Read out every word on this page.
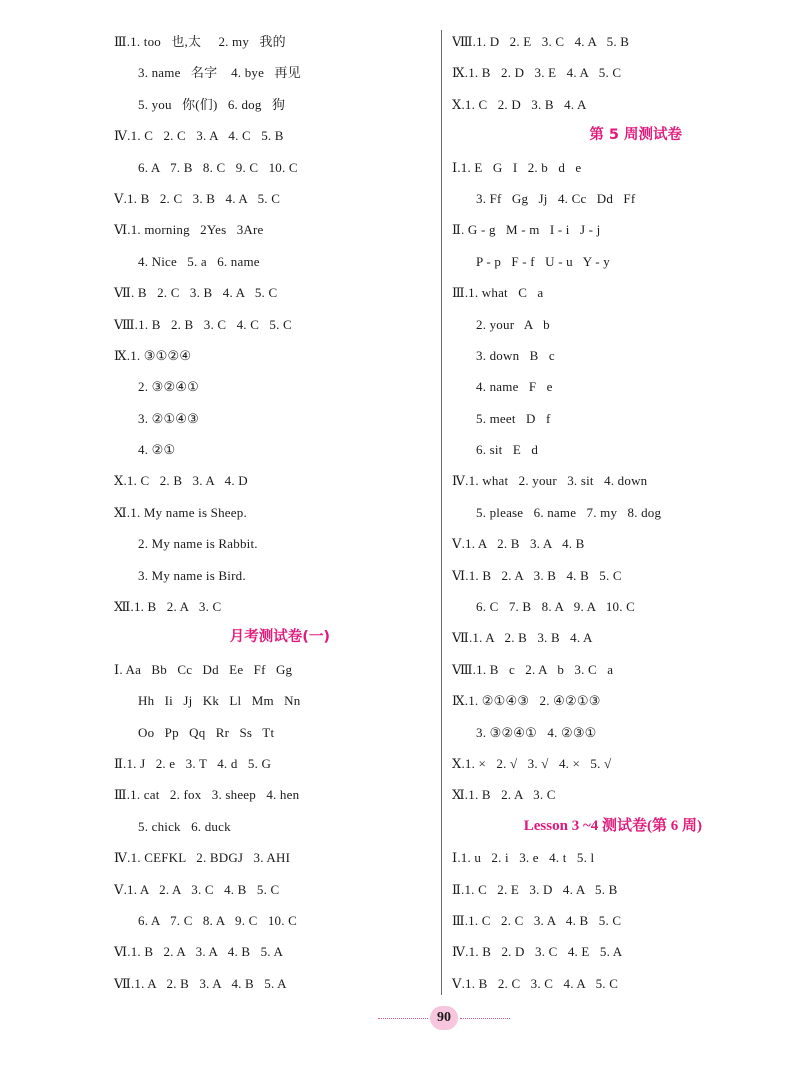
Ⅲ.1. too   也,太     2. my   我的
3. name   名字    4. bye   再见
5. you   你(们)   6. dog   狗
Ⅳ.1. C   2. C   3. A   4. C   5. B
6. A   7. B   8. C   9. C   10. C
Ⅴ.1. B   2. C   3. B   4. A   5. C
Ⅵ.1. morning   2Yes   3Are
4. Nice   5. a   6. name
Ⅶ. B   2. C   3. B   4. A   5. C
Ⅷ.1. B   2. B   3. C   4. C   5. C
Ⅸ.1. ③①②④
2. ③②④①
3. ②①④③
4. ②①
Ⅹ.1. C   2. B   3. A   4. D
Ⅺ.1. My name is Sheep.
2. My name is Rabbit.
3. My name is Bird.
Ⅻ.1. B   2. A   3. C
月考测试卷(一)
Ⅰ. Aa   Bb   Cc   Dd   Ee   Ff   Gg
Hh   Ii   Jj   Kk   Ll   Mm   Nn
Oo   Pp   Qq   Rr   Ss   Tt
Ⅱ.1. J   2. e   3. T   4. d   5. G
Ⅲ.1. cat   2. fox   3. sheep   4. hen
5. chick   6. duck
Ⅳ.1. CEFKL   2. BDGJ   3. AHI
Ⅴ.1. A   2. A   3. C   4. B   5. C
6. A   7. C   8. A   9. C   10. C
Ⅵ.1. B   2. A   3. A   4. B   5. A
Ⅶ.1. A   2. B   3. A   4. B   5. A
Ⅷ.1. D   2. E   3. C   4. A   5. B
Ⅸ.1. B   2. D   3. E   4. A   5. C
Ⅹ.1. C   2. D   3. B   4. A
第 5 周测试卷
Ⅰ.1. E   G   I   2. b   d   e
3. Ff   Gg   Jj   4. Cc   Dd   Ff
Ⅱ. G - g   M - m   I - i   J - j
P - p   F - f   U - u   Y - y
Ⅲ.1. what   C   a
2. your   A   b
3. down   B   c
4. name   F   e
5. meet   D   f
6. sit   E   d
Ⅳ.1. what   2. your   3. sit   4. down
5. please   6. name   7. my   8. dog
Ⅴ.1. A   2. B   3. A   4. B
Ⅵ.1. B   2. A   3. B   4. B   5. C
6. C   7. B   8. A   9. A   10. C
Ⅶ.1. A   2. B   3. B   4. A
Ⅷ.1. B   c   2. A   b   3. C   a
Ⅸ.1. ②①④③   2. ④②①③
3. ③②④①   4. ②③①
Ⅹ.1. ×   2. √   3. √   4. ×   5. √
Ⅺ.1. B   2. A   3. C
Lesson 3 ~4 测试卷(第 6 周)
Ⅰ.1. u   2. i   3. e   4. t   5. l
Ⅱ.1. C   2. E   3. D   4. A   5. B
Ⅲ.1. C   2. C   3. A   4. B   5. C
Ⅳ.1. B   2. D   3. C   4. E   5. A
Ⅴ.1. B   2. C   3. C   4. A   5. C
90
